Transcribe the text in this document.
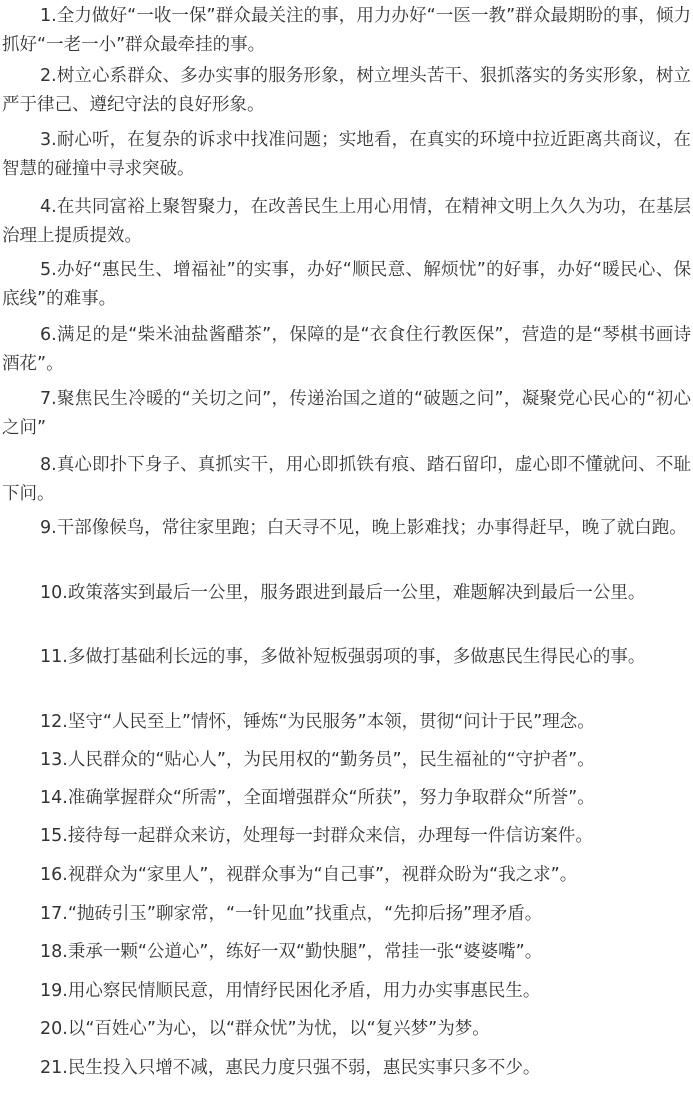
1.全力做好“一收一保”群众最关注的事，用力办好“一医一教”群众最期盼的事，倾力抓好“一老一小”群众最牵挂的事。

2.树立心系群众、多办实事的服务形象，树立埋头苦干、狠抓落实的务实形象，树立严于律己、遵纪守法的良好形象。

3.耐心听，在复杂的诉求中找准问题；实地看，在真实的环境中拉近距离共商议，在智慧的碰撞中寻求突破。

4.在共同富裕上聚智聚力，在改善民生上用心用情，在精神文明上久久为功，在基层治理上提质提效。

5.办好“惠民生、增福祉”的实事，办好“顺民意、解烦忧”的好事，办好“暖民心、保底线”的难事。

6.满足的是“柴米油盐酱醋茶”，保障的是“衣食住行教医保”，营造的是“琴棋书画诗酒花”。

7.聚焦民生冷暖的“关切之问”，传递治国之道的“破题之问”，凝聚党心民心的“初心之问”

8.真心即扑下身子、真抓实干，用心即抓铁有痕、踏石留印，虚心即不懂就问、不耻下问。

9.干部像候鸟，常往家里跑；白天寻不见，晚上影难找；办事得赶早，晚了就白跑。

10.政策落实到最后一公里，服务跟进到最后一公里，难题解决到最后一公里。

11.多做打基础利长远的事，多做补短板强弱项的事，多做惠民生得民心的事。

12.坚守“人民至上”情怀，锤炼“为民服务”本领，贯彻“问计于民”理念。

13.人民群众的“贴心人”，为民用权的“勤务员”，民生福祉的“守护者”。

14.准确掌握群众“所需”，全面增强群众“所获”，努力争取群众“所誉”。

15.接待每一起群众来访，处理每一封群众来信，办理每一件信访案件。

16.视群众为“家里人”，视群众事为“自己事”，视群众盼为“我之求”。

17.“抛砖引玉”聊家常，“一针见血”找重点，“先抑后扬”理矛盾。

18.秉承一颗“公道心”，练好一双“勤快腿”，常挂一张“婆婆嘴”。

19.用心察民情顺民意，用情纾民困化矛盾，用力办实事惠民生。

20.以“百姓心”为心，以“群众忧”为忧，以“复兴梦”为梦。

21.民生投入只增不减，惠民力度只强不弱，惠民实事只多不少。
